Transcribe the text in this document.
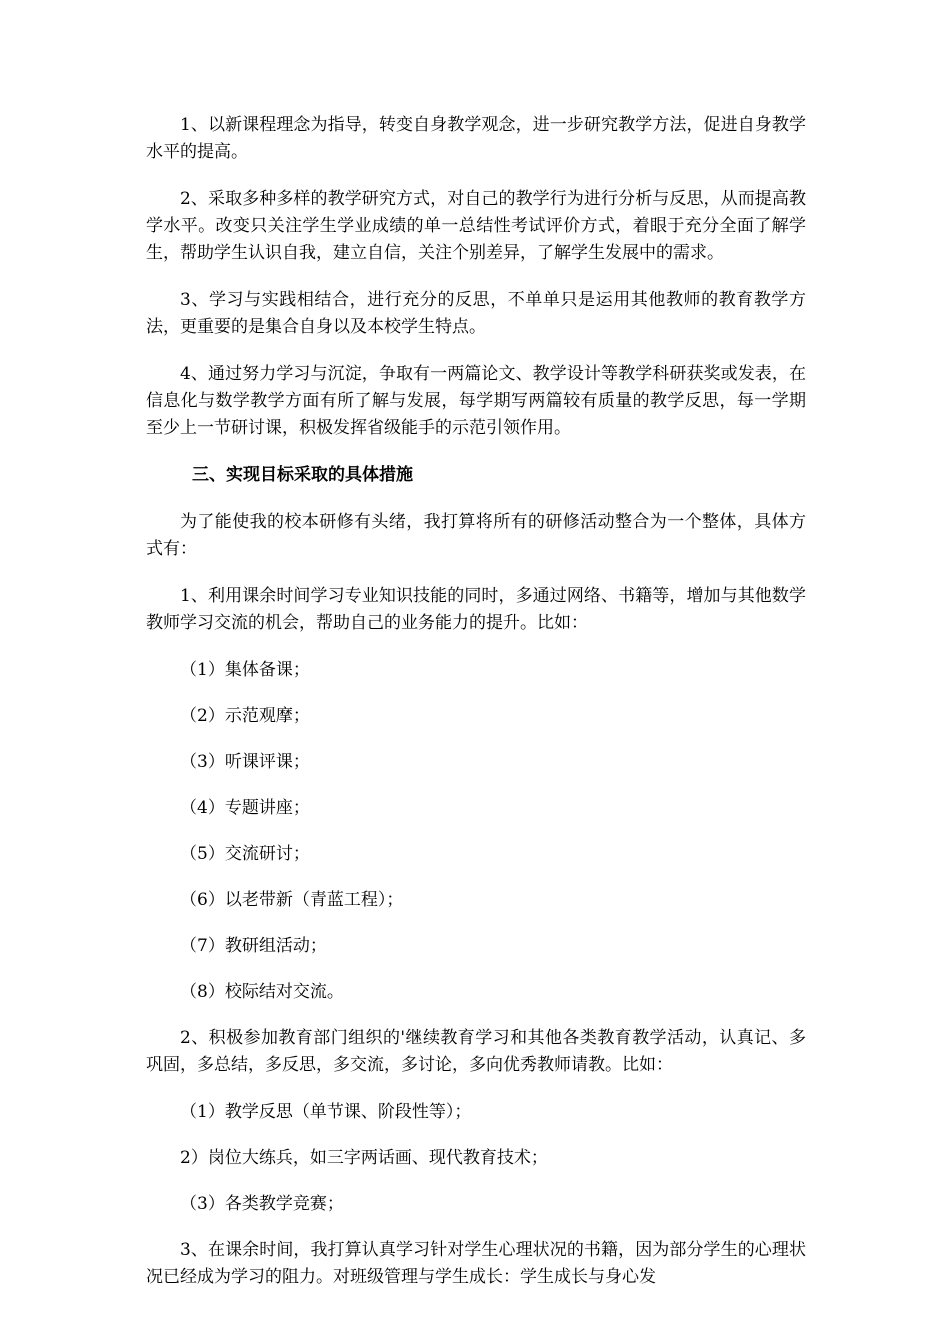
1、以新课程理念为指导，转变自身教学观念，进一步研究教学方法，促进自身教学水平的提高。

2、采取多种多样的教学研究方式，对自己的教学行为进行分析与反思，从而提高教学水平。改变只关注学生学业成绩的单一总结性考试评价方式，着眼于充分全面了解学生，帮助学生认识自我，建立自信，关注个别差异，了解学生发展中的需求。

3、学习与实践相结合，进行充分的反思，不单单只是运用其他教师的教育教学方法，更重要的是集合自身以及本校学生特点。

4、通过努力学习与沉淀，争取有一两篇论文、教学设计等教学科研获奖或发表，在信息化与数学教学方面有所了解与发展，每学期写两篇较有质量的教学反思，每一学期至少上一节研讨课，积极发挥省级能手的示范引领作用。

三、实现目标采取的具体措施

为了能使我的校本研修有头绪，我打算将所有的研修活动整合为一个整体，具体方式有：

1、利用课余时间学习专业知识技能的同时，多通过网络、书籍等，增加与其他数学教师学习交流的机会，帮助自己的业务能力的提升。比如：

（1）集体备课；

（2）示范观摩；

（3）听课评课；

（4）专题讲座；

（5）交流研讨；

（6）以老带新（青蓝工程）；

（7）教研组活动；

（8）校际结对交流。

2、积极参加教育部门组织的'继续教育学习和其他各类教育教学活动，认真记、多巩固，多总结，多反思，多交流，多讨论，多向优秀教师请教。比如：

（1）教学反思（单节课、阶段性等）；

2）岗位大练兵，如三字两话画、现代教育技术；

（3）各类教学竞赛；

3、在课余时间，我打算认真学习针对学生心理状况的书籍，因为部分学生的心理状况已经成为学习的阻力。对班级管理与学生成长：学生成长与身心发
